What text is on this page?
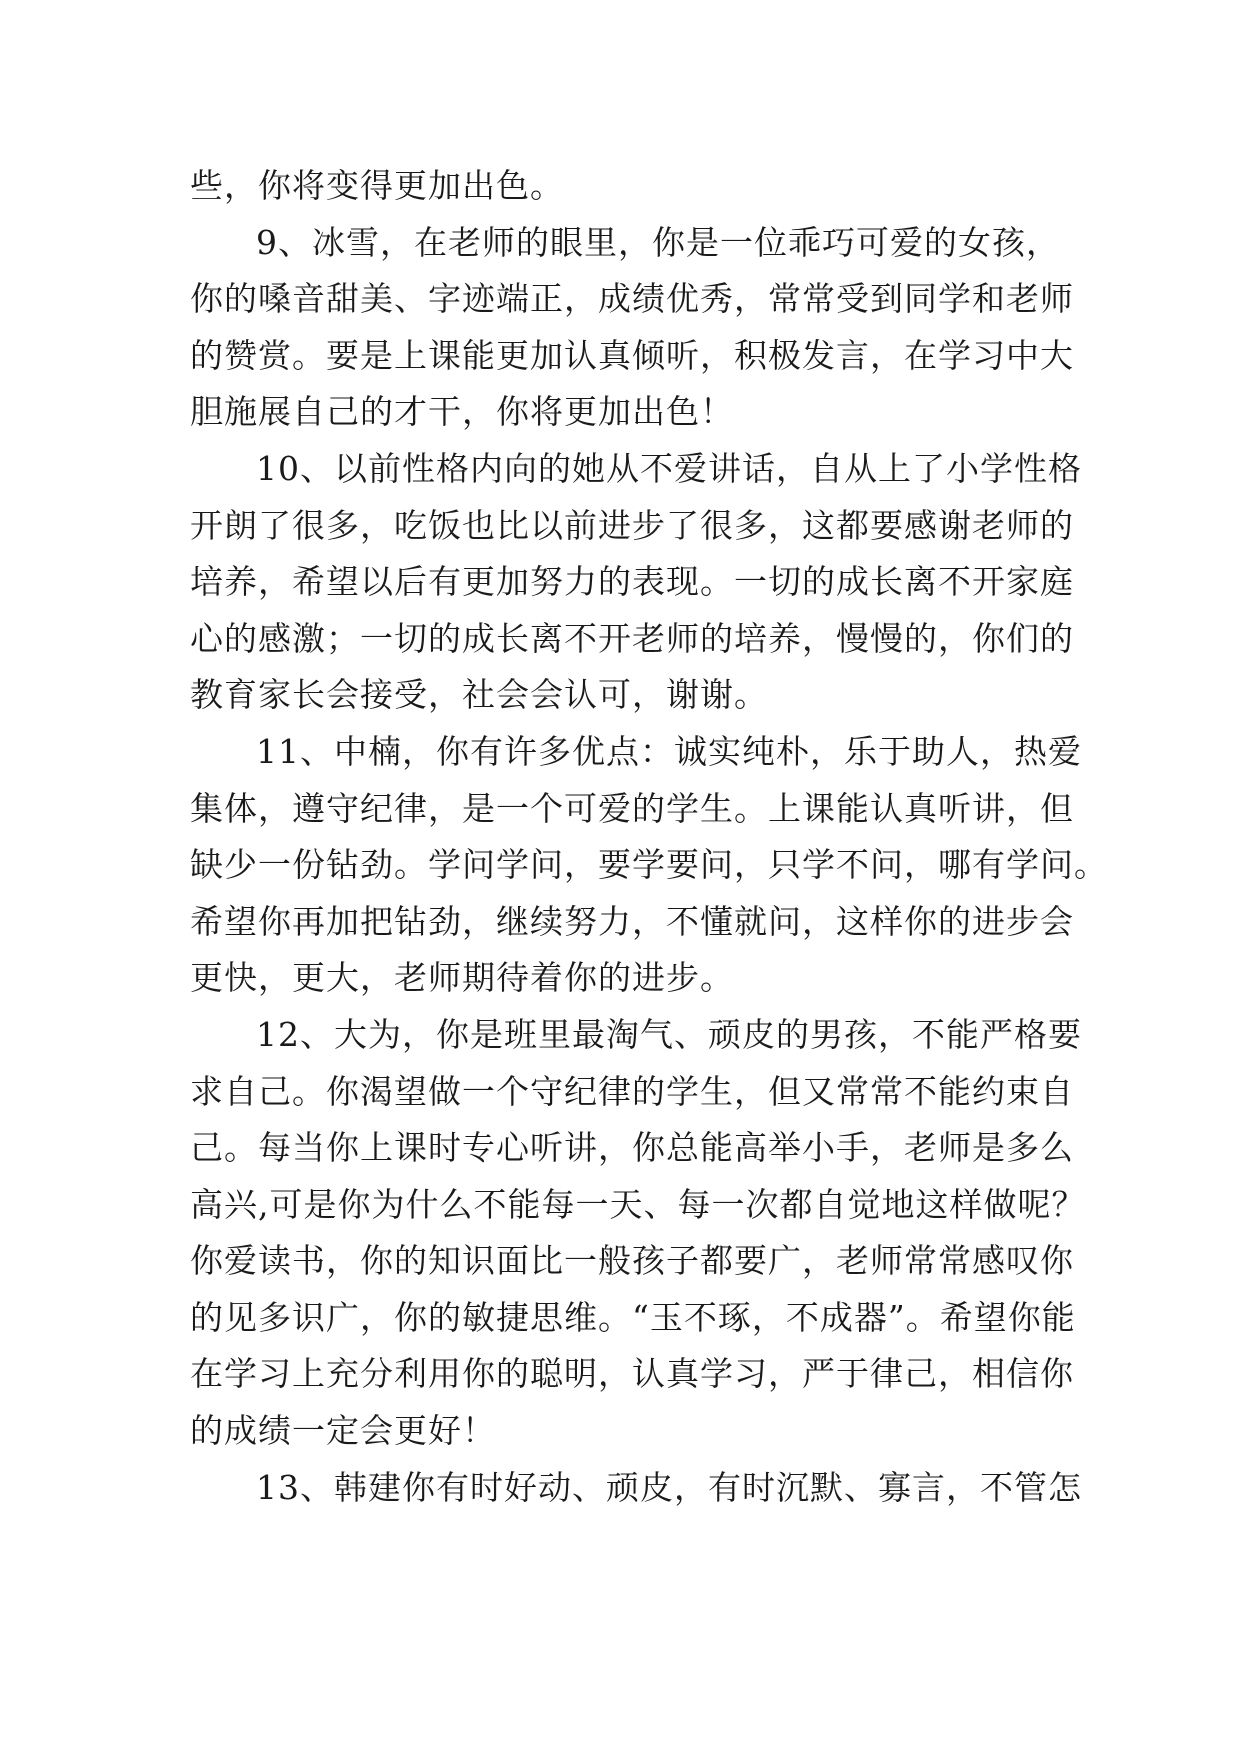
些，你将变得更加出色。
9、冰雪，在老师的眼里，你是一位乖巧可爱的女孩，
你的嗓音甜美、字迹端正，成绩优秀，常常受到同学和老师
的赞赏。要是上课能更加认真倾听，积极发言，在学习中大
胆施展自己的才干，你将更加出色！
10、以前性格内向的她从不爱讲话，自从上了小学性格
开朗了很多，吃饭也比以前进步了很多，这都要感谢老师的
培养，希望以后有更加努力的表现。一切的成长离不开家庭
心的感激；一切的成长离不开老师的培养，慢慢的，你们的
教育家长会接受，社会会认可，谢谢。
11、中楠，你有许多优点：诚实纯朴，乐于助人，热爱
集体，遵守纪律，是一个可爱的学生。上课能认真听讲，但
缺少一份钻劲。学问学问，要学要问，只学不问，哪有学问。
希望你再加把钻劲，继续努力，不懂就问，这样你的进步会
更快，更大，老师期待着你的进步。
12、大为，你是班里最淘气、顽皮的男孩，不能严格要
求自己。你渴望做一个守纪律的学生，但又常常不能约束自
己。每当你上课时专心听讲，你总能高举小手，老师是多么
高兴,可是你为什么不能每一天、每一次都自觉地这样做呢？
你爱读书，你的知识面比一般孩子都要广，老师常常感叹你
的见多识广，你的敏捷思维。“玉不琢，不成器”。希望你能
在学习上充分利用你的聪明，认真学习，严于律己，相信你
的成绩一定会更好！
13、韩建你有时好动、顽皮，有时沉默、寡言，不管怎
